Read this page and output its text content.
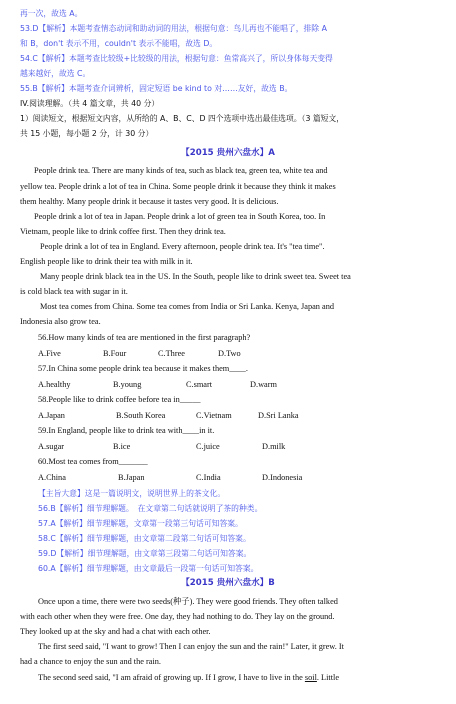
再一次，故选 A。
53.D【解析】本题考查情态动词和助动词的用法，根据句意：鸟儿再也不能唱了，排除 A
和 B，don't 表示不用，couldn't 表示不能唱，故选 D。
54.C【解析】本题考查比较级+比较级的用法，根据句意：鱼常高兴了，所以身体每天变得
越来越好，故选 C。
55.B【解析】本题考查介词辨析，固定短语 be kind to 对……友好，故选 B。
IV.阅读理解。（共 4 篇文章，共 40 分）
1）阅读短文，根据短文内容，从所给的 A、B、C、D 四个选项中选出最佳选项。（3 篇短文，
共 15 小题，每小题 2 分，计 30 分）
【2015 贵州六盘水】A
People drink tea. There are many kinds of tea, such as black tea, green tea, white tea and
yellow tea. People drink a lot of tea in China. Some people drink it because they think it makes
them healthy. Many people drink it because it tastes very good. It is delicious.
People drink a lot of tea in Japan. People drink a lot of green tea in South Korea, too. In
Vietnam, people like to drink coffee first. Then they drink tea.
People drink a lot of tea in England. Every afternoon, people drink tea. It's "tea time".
English people like to drink their tea with milk in it.
Many people drink black tea in the US. In the South, people like to drink sweet tea. Sweet tea
is cold black tea with sugar in it.
Most tea comes from China. Some tea comes from India or Sri Lanka. Kenya, Japan and
Indonesia also grow tea.
56.How many kinds of tea are mentioned in the first paragraph?
A.Five	B.Four	C.Three	D.Two
57.In China some people drink tea because it makes them____.
A.healthy	B.young	C.smart	D.warm
58.People like to drink coffee before tea in_____
A.Japan	B.South Korea	C.Vietnam	D.Sri Lanka
59.In England, people like to drink tea with____in it.
A.sugar	B.ice	C.juice	D.milk
60.Most tea comes from_______
A.China	B.Japan	C.India	D.Indonesia
【主旨大意】这是一篇说明文，说明世界上的茶文化。
56.B【解析】细节理解题。　在文章第二句话就说明了茶的种类。
57.A【解析】细节理解题，文章第一段第三句话可知答案。
58.C【解析】细节理解题，由文章第二段第二句话可知答案。
59.D【解析】细节理解题，由文章第三段第二句话可知答案。
60.A【解析】细节理解题，由文章最后一段第一句话可知答案。
【2015 贵州六盘水】B
Once upon a time, there were two seeds(种子). They were good friends. They often talked
with each other when they were free. One day, they had nothing to do. They lay on the ground.
They looked up at the sky and had a chat with each other.
The first seed said, "I want to grow! Then I can enjoy the sun and the rain!" Later, it grew. It
had a chance to enjoy the sun and the rain.
The second seed said, "I am afraid of growing up. If I grow, I have to live in the soil. Little
